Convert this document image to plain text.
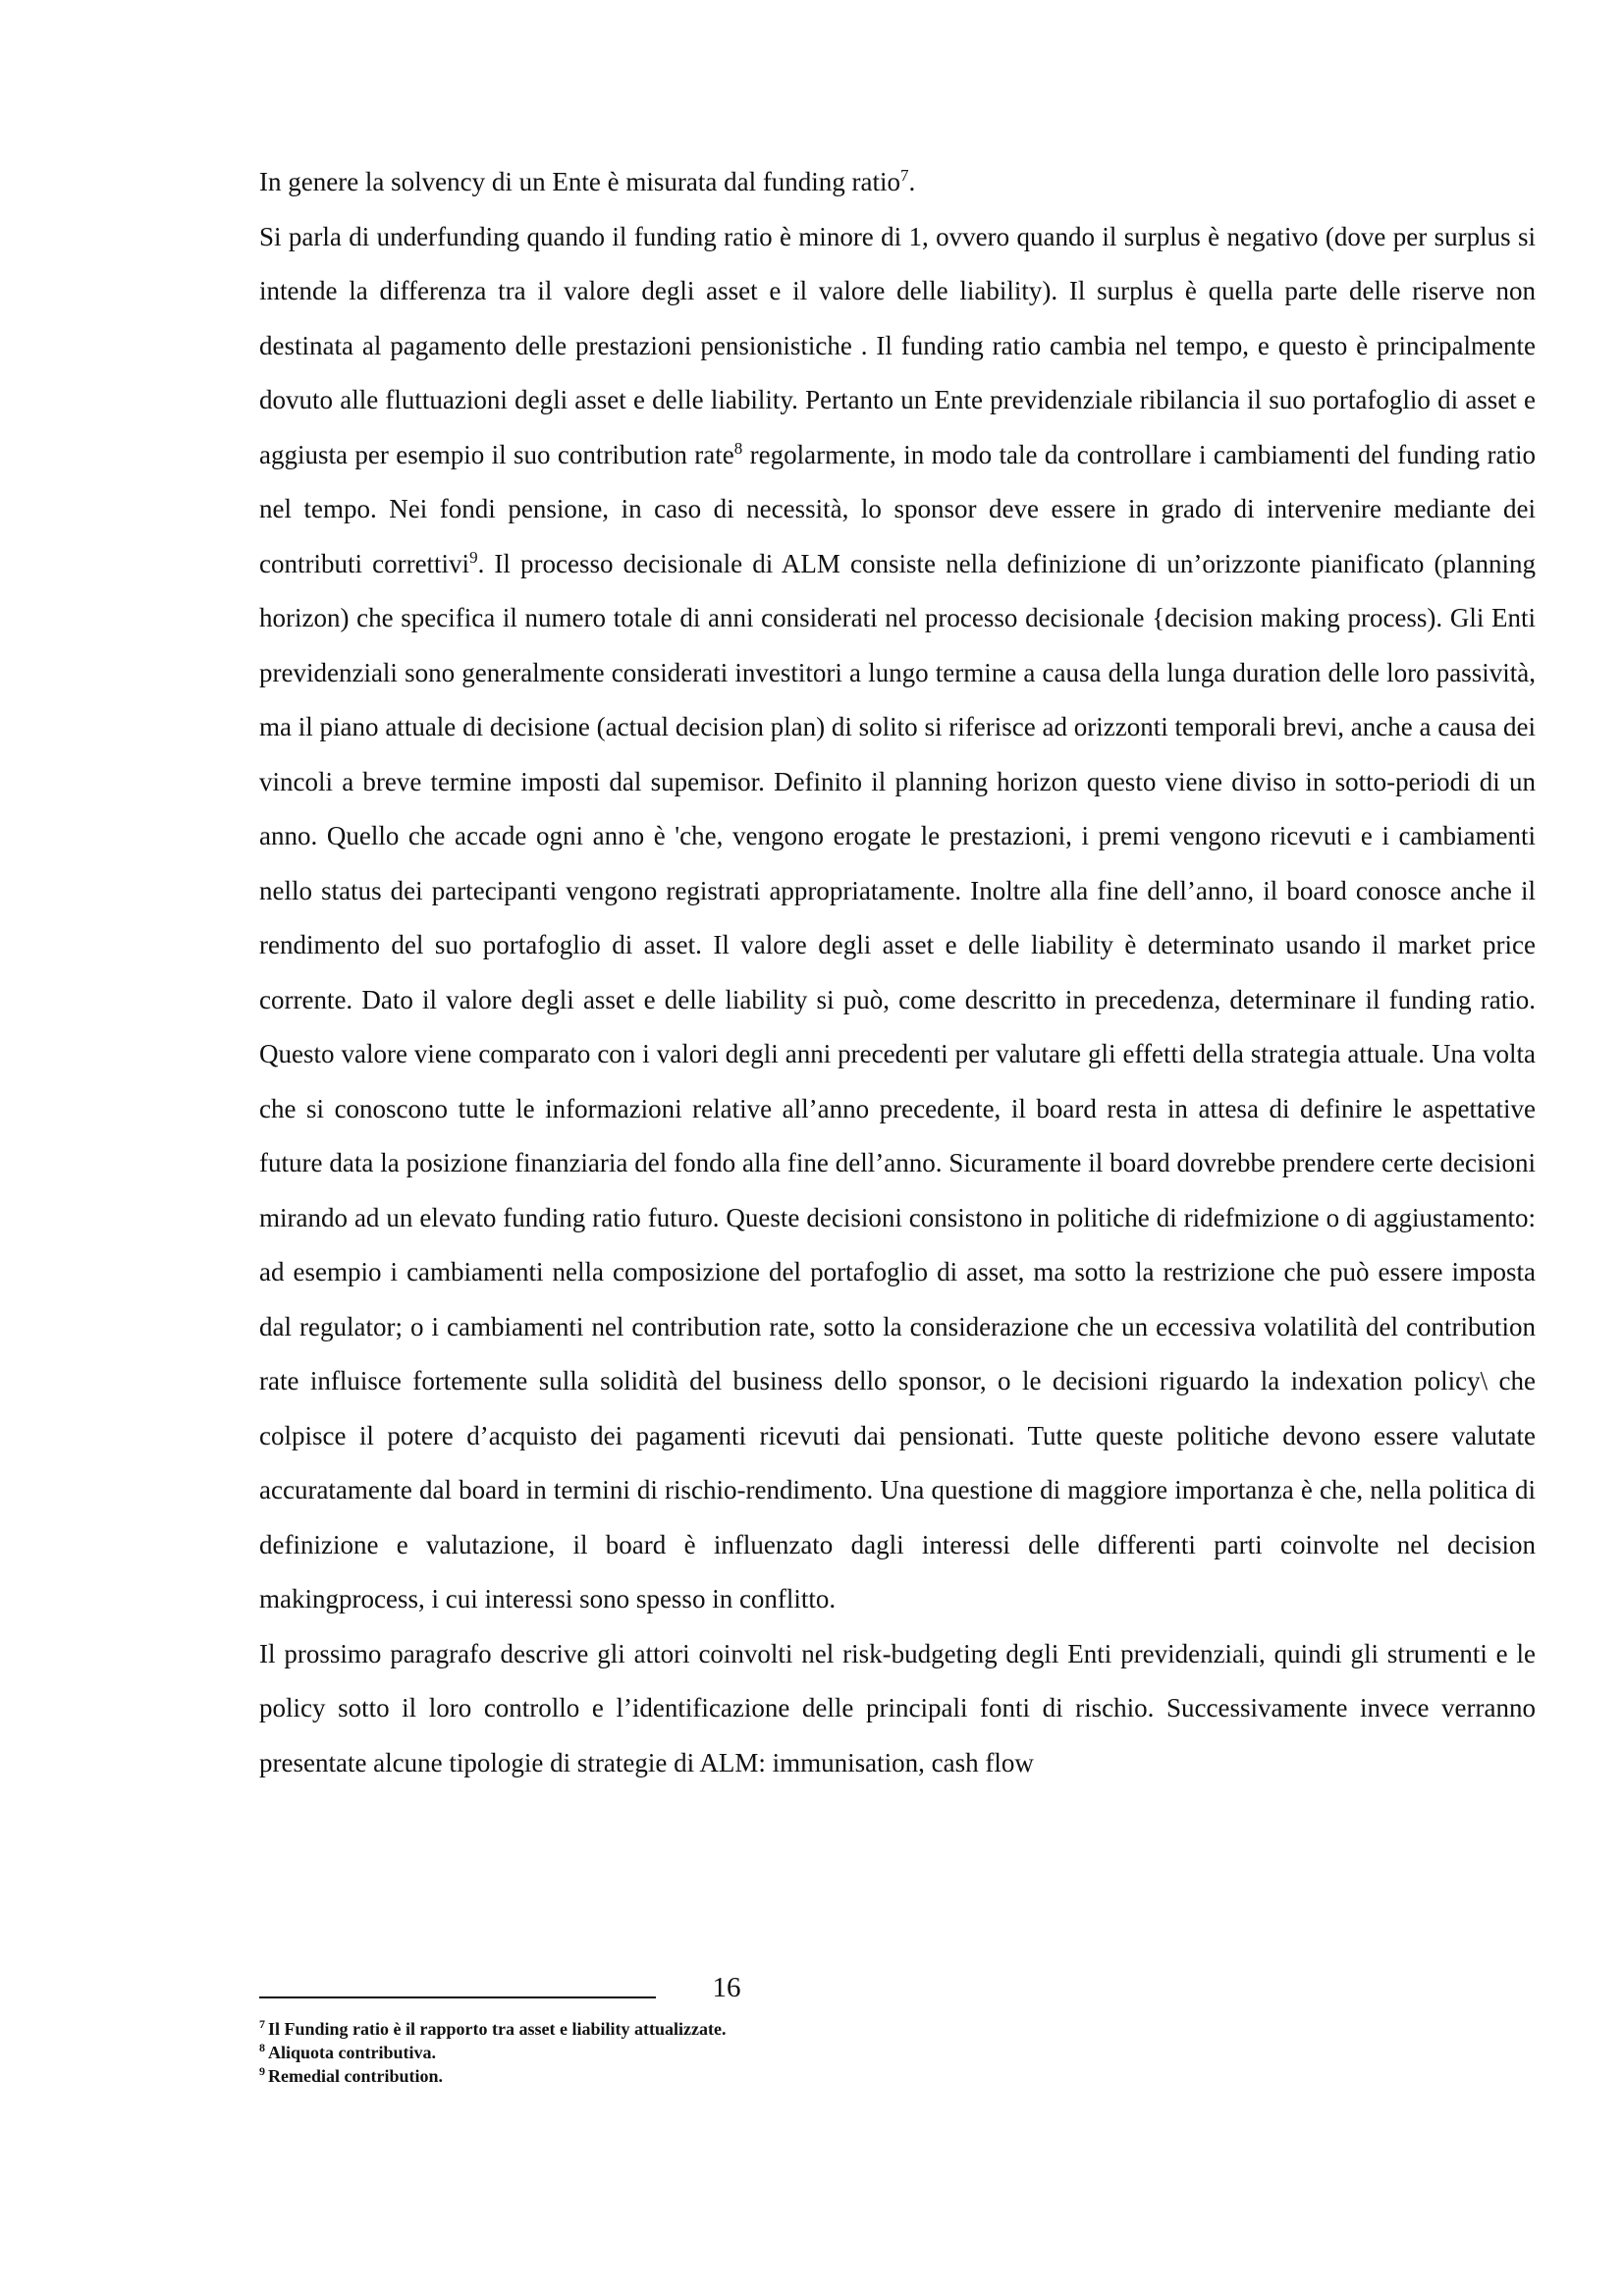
In genere la solvency di un Ente è misurata dal funding ratio$^7$.

Si parla di underfunding quando il funding ratio è minore di 1, ovvero quando il surplus è negativo (dove per surplus si intende la differenza tra il valore degli asset e il valore delle liability). Il surplus è quella parte delle riserve non destinata al pagamento delle prestazioni pensionistiche . Il funding ratio cambia nel tempo, e questo è principalmente dovuto alle fluttuazioni degli asset e delle liability. Pertanto un Ente previdenziale ribilancia il suo portafoglio di asset e aggiusta per esempio il suo contribution rate$^8$ regolarmente, in modo tale da controllare i cambiamenti del funding ratio nel tempo. Nei fondi pensione, in caso di necessità, lo sponsor deve essere in grado di intervenire mediante dei contributi correttivi$^9$. Il processo decisionale di ALM consiste nella definizione di un’orizzonte pianificato (planning horizon) che specifica il numero totale di anni considerati nel processo decisionale {decision making process). Gli Enti previdenziali sono generalmente considerati investitori a lungo termine a causa della lunga duration delle loro passività, ma il piano attuale di decisione (actual decision plan) di solito si riferisce ad orizzonti temporali brevi, anche a causa dei vincoli a breve termine imposti dal supemisor. Definito il planning horizon questo viene diviso in sotto-periodi di un anno. Quello che accade ogni anno è 'che, vengono erogate le prestazioni, i premi vengono ricevuti e i cambiamenti nello status dei partecipanti vengono registrati appropriatamente. Inoltre alla fine dell’anno, il board conosce anche il rendimento del suo portafoglio di asset. Il valore degli asset e delle liability è determinato usando il market price corrente. Dato il valore degli asset e delle liability si può, come descritto in precedenza, determinare il funding ratio. Questo valore viene comparato con i valori degli anni precedenti per valutare gli effetti della strategia attuale. Una volta che si conoscono tutte le informazioni relative all’anno precedente, il board resta in attesa di definire le aspettative future data la posizione finanziaria del fondo alla fine dell’anno. Sicuramente il board dovrebbe prendere certe decisioni mirando ad un elevato funding ratio futuro. Queste decisioni consistono in politiche di ridefmizione o di aggiustamento: ad esempio i cambiamenti nella composizione del portafoglio di asset, ma sotto la restrizione che può essere imposta dal regulator; o i cambiamenti nel contribution rate, sotto la considerazione che un eccessiva volatilità del contribution rate influisce fortemente sulla solidità del business dello sponsor, o le decisioni riguardo la indexation policy\ che colpisce il potere d’acquisto dei pagamenti ricevuti dai pensionati. Tutte queste politiche devono essere valutate accuratamente dal board in termini di rischio-rendimento. Una questione di maggiore importanza è che, nella politica di definizione e valutazione, il board è influenzato dagli interessi delle differenti parti coinvolte nel decision makingprocess, i cui interessi sono spesso in conflitto.

Il prossimo paragrafo descrive gli attori coinvolti nel risk-budgeting degli Enti previdenziali, quindi gli strumenti e le policy sotto il loro controllo e l’identificazione delle principali fonti di rischio. Successivamente invece verranno presentate alcune tipologie di strategie di ALM: immunisation, cash flow

16

$^7$ Il Funding ratio è il rapporto tra asset e liability attualizzate.

$^8$ Aliquota contributiva.

$^9$ Remedial contribution.
